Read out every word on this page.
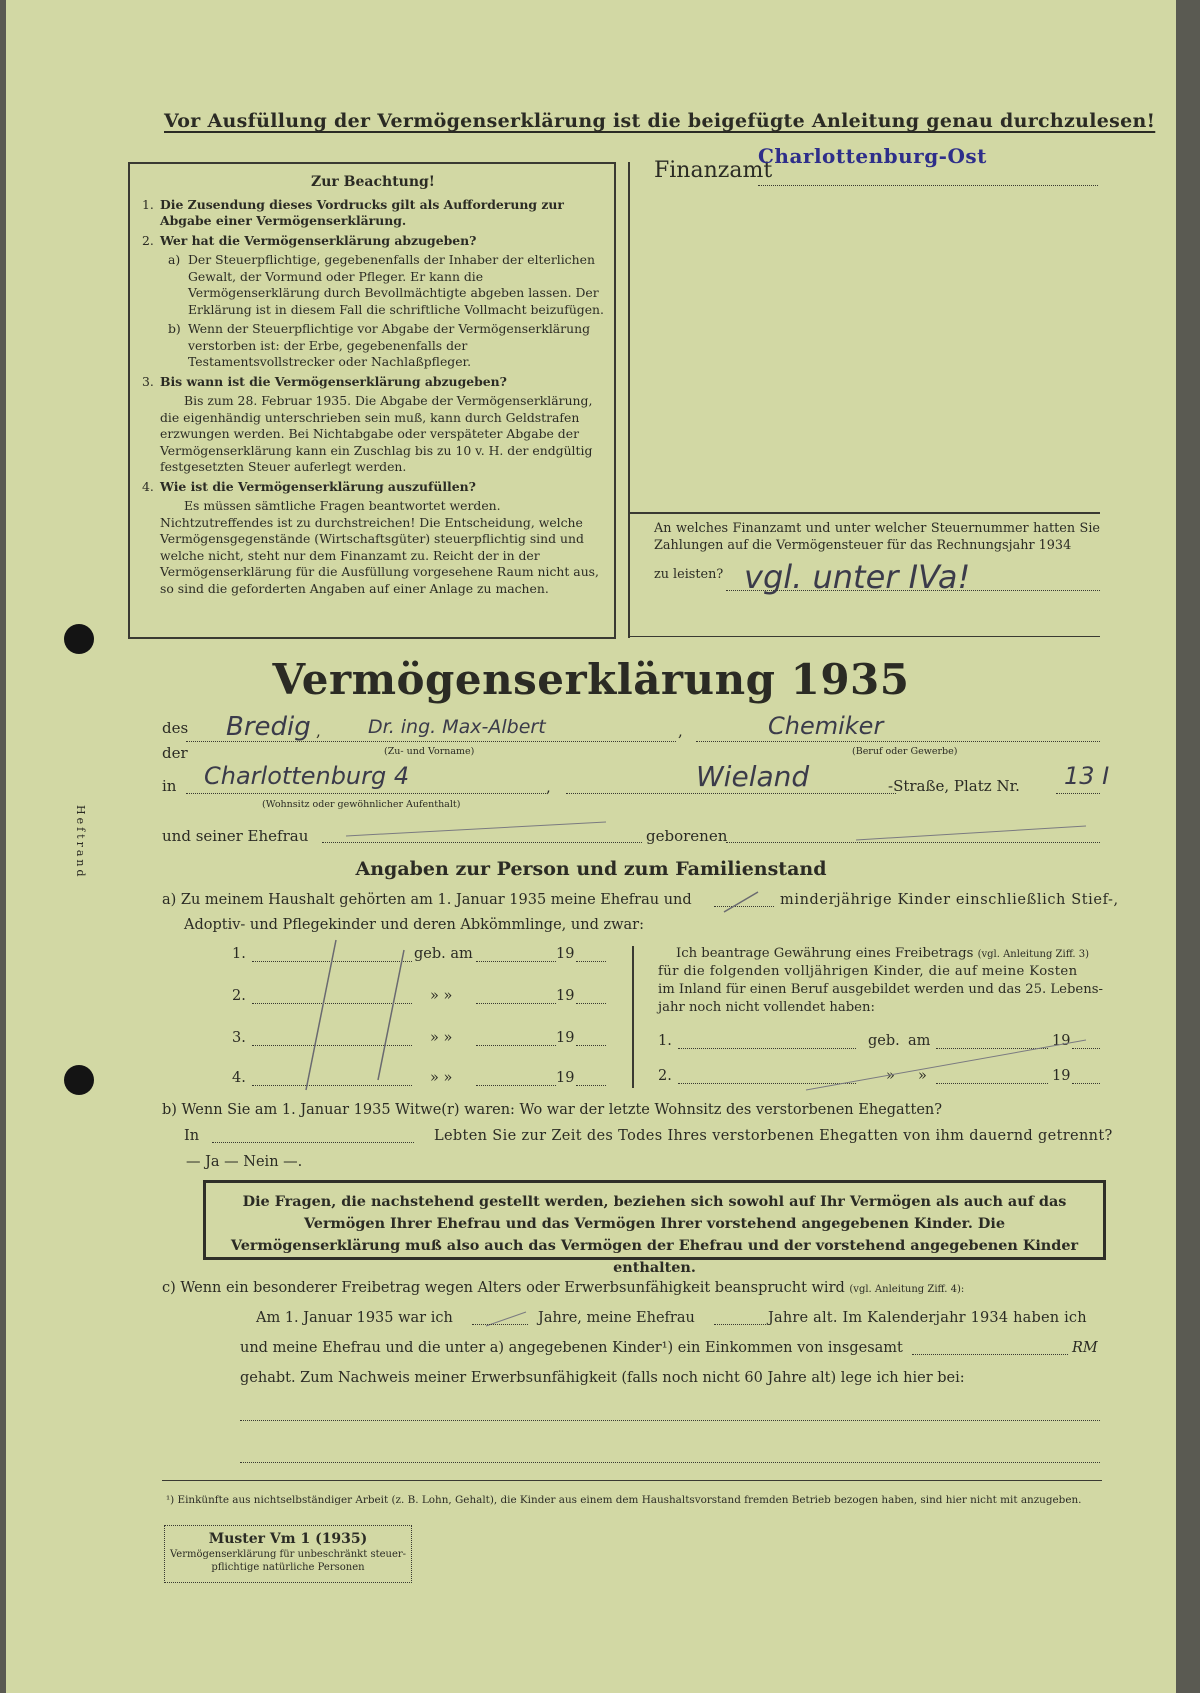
Heftrand
Vor Ausfüllung der Vermögenserklärung ist die beigefügte Anleitung genau durchzulesen!
Zur Beachtung!
1. Die Zusendung dieses Vordrucks gilt als Aufforderung zur Abgabe einer Vermögenserklärung.
2. Wer hat die Vermögenserklärung abzugeben?
a) Der Steuerpflichtige, gegebenenfalls der Inhaber der elterlichen Gewalt, der Vormund oder Pfleger. Er kann die Vermögenserklärung durch Bevollmächtigte abgeben lassen. Der Erklärung ist in diesem Fall die schriftliche Vollmacht beizufügen.
b) Wenn der Steuerpflichtige vor Abgabe der Vermögenserklärung verstorben ist: der Erbe, gegebenenfalls der Testamentsvollstrecker oder Nachlaßpfleger.
3. Bis wann ist die Vermögenserklärung abzugeben?
Bis zum 28. Februar 1935. Die Abgabe der Vermögenserklärung, die eigenhändig unterschrieben sein muß, kann durch Geldstrafen erzwungen werden. Bei Nichtabgabe oder verspäteter Abgabe der Vermögenserklärung kann ein Zuschlag bis zu 10 v. H. der endgültig festgesetzten Steuer auferlegt werden.
4. Wie ist die Vermögenserklärung auszufüllen?
Es müssen sämtliche Fragen beantwortet werden. Nichtzutreffendes ist zu durchstreichen! Die Entscheidung, welche Vermögensgegenstände (Wirtschaftsgüter) steuerpflichtig sind und welche nicht, steht nur dem Finanzamt zu. Reicht der in der Vermögenserklärung für die Ausfüllung vorgesehene Raum nicht aus, so sind die geforderten Angaben auf einer Anlage zu machen.
Finanzamt
Charlottenburg-Ost
An welches Finanzamt und unter welcher Steuernummer hatten Sie Zahlungen auf die Vermögensteuer für das Rechnungsjahr 1934
zu leisten? vgl. unter IVa!
Vermögenserklärung 1935
des
der
Bredig , Dr. ing. Max-Albert
(Zu- und Vorname)
,	Chemiker
(Beruf oder Gewerbe)
in Charlottenburg 4
(Wohnsitz oder gewöhnlicher Aufenthalt)
,	Wieland	-Straße, Platz Nr. 13 I
und seiner Ehefrau	geborenen
Angaben zur Person und zum Familienstand
a) Zu meinem Haushalt gehörten am 1. Januar 1935 meine Ehefrau und	minderjährige Kinder einschließlich Stief-,
Adoptiv- und Pflegekinder und deren Abkömmlinge, und zwar:
1.	geb. am	19
2.	» »	19
3.	» »	19
4.	» »	19
Ich beantrage Gewährung eines Freibetrags (vgl. Anleitung Ziff. 3)
für die folgenden volljährigen Kinder, die auf meine Kosten
im Inland für einen Beruf ausgebildet werden und das 25. Lebens-
jahr noch nicht vollendet haben:
1.	geb. am	19
2.	» »	19
b) Wenn Sie am 1. Januar 1935 Witwe(r) waren: Wo war der letzte Wohnsitz des verstorbenen Ehegatten?
In	Lebten Sie zur Zeit des Todes Ihres verstorbenen Ehegatten von ihm dauernd getrennt?
— Ja — Nein —.
Die Fragen, die nachstehend gestellt werden, beziehen sich sowohl auf Ihr Vermögen als auch auf das Vermögen Ihrer Ehefrau und das Vermögen Ihrer vorstehend angegebenen Kinder. Die Vermögenserklärung muß also auch das Vermögen der Ehefrau und der vorstehend angegebenen Kinder enthalten.
c) Wenn ein besonderer Freibetrag wegen Alters oder Erwerbsunfähigkeit beansprucht wird (vgl. Anleitung Ziff. 4):
Am 1. Januar 1935 war ich	Jahre, meine Ehefrau	Jahre alt. Im Kalenderjahr 1934 haben ich
und meine Ehefrau und die unter a) angegebenen Kinder¹) ein Einkommen von insgesamt	RM
gehabt. Zum Nachweis meiner Erwerbsunfähigkeit (falls noch nicht 60 Jahre alt) lege ich hier bei:
¹) Einkünfte aus nichtselbständiger Arbeit (z. B. Lohn, Gehalt), die Kinder aus einem dem Haushaltsvorstand fremden Betrieb bezogen haben, sind hier nicht mit anzugeben.
Muster Vm 1 (1935)
Vermögenserklärung für unbeschränkt steuer-
pflichtige natürliche Personen
